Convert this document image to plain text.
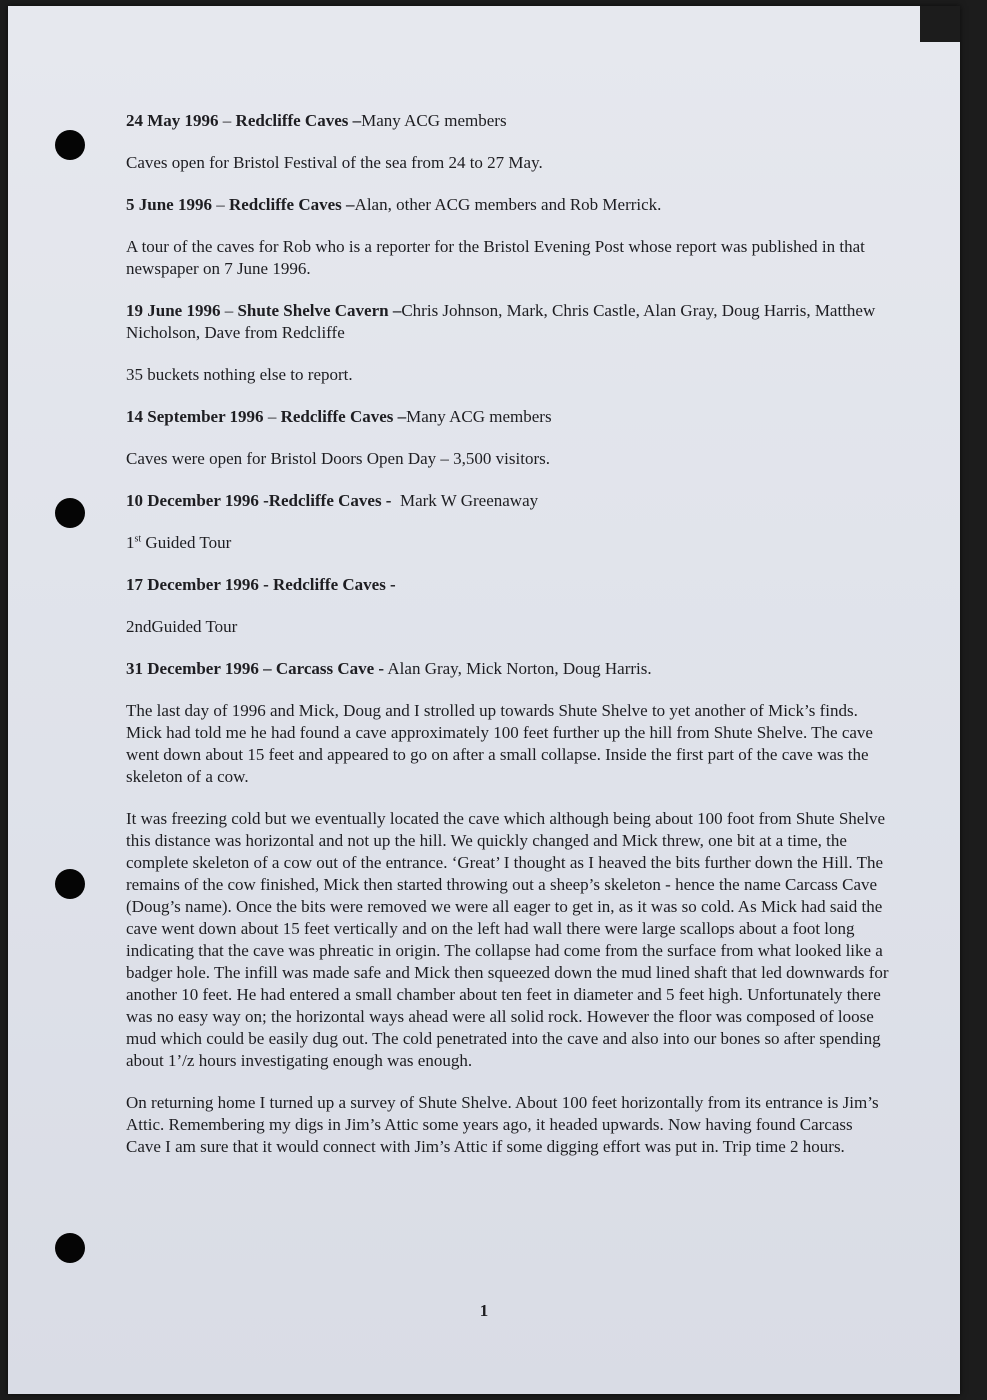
24 May 1996 – Redcliffe Caves –Many ACG members

Caves open for Bristol Festival of the sea from 24 to 27 May.

5 June 1996 – Redcliffe Caves –Alan, other ACG members and Rob Merrick.

A tour of the caves for Rob who is a reporter for the Bristol Evening Post whose report was published in that newspaper on 7 June 1996.

19 June 1996 – Shute Shelve Cavern –Chris Johnson, Mark, Chris Castle, Alan Gray, Doug Harris, Matthew Nicholson, Dave from Redcliffe

35 buckets nothing else to report.

14 September 1996 – Redcliffe Caves –Many ACG members

Caves were open for Bristol Doors Open Day – 3,500 visitors.

10 December 1996 -Redcliffe Caves -  Mark W Greenaway

1st Guided Tour

17 December 1996 - Redcliffe Caves -

2ndGuided Tour

31 December 1996 – Carcass Cave - Alan Gray, Mick Norton, Doug Harris.

The last day of 1996 and Mick, Doug and I strolled up towards Shute Shelve to yet another of Mick’s finds. Mick had told me he had found a cave approximately 100 feet further up the hill from Shute Shelve. The cave went down about 15 feet and appeared to go on after a small collapse. Inside the first part of the cave was the skeleton of a cow.

It was freezing cold but we eventually located the cave which although being about 100 foot from Shute Shelve this distance was horizontal and not up the hill. We quickly changed and Mick threw, one bit at a time, the complete skeleton of a cow out of the entrance. ‘Great’ I thought as I heaved the bits further down the Hill. The remains of the cow finished, Mick then started throwing out a sheep’s skeleton - hence the name Carcass Cave (Doug’s name). Once the bits were removed we were all eager to get in, as it was so cold. As Mick had said the cave went down about 15 feet vertically and on the left had wall there were large scallops about a foot long indicating that the cave was phreatic in origin. The collapse had come from the surface from what looked like a badger hole. The infill was made safe and Mick then squeezed down the mud lined shaft that led downwards for another 10 feet. He had entered a small chamber about ten feet in diameter and 5 feet high. Unfortunately there was no easy way on; the horizontal ways ahead were all solid rock. However the floor was composed of loose mud which could be easily dug out. The cold penetrated into the cave and also into our bones so after spending about 1’/z hours investigating enough was enough.

On returning home I turned up a survey of Shute Shelve. About 100 feet horizontally from its entrance is Jim’s Attic. Remembering my digs in Jim’s Attic some years ago, it headed upwards. Now having found Carcass Cave I am sure that it would connect with Jim’s Attic if some digging effort was put in. Trip time 2 hours.

1
